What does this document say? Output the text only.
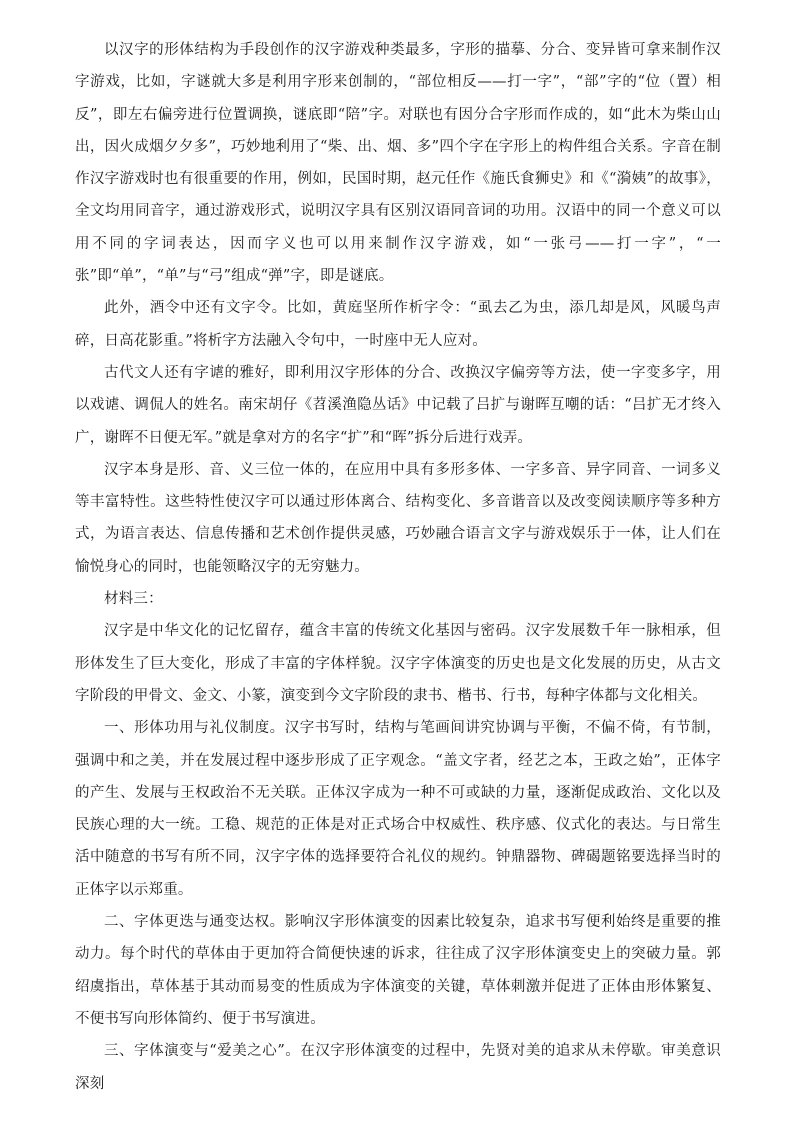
以汉字的形体结构为手段创作的汉字游戏种类最多，字形的描摹、分合、变异皆可拿来制作汉字游戏，比如，字谜就大多是利用字形来创制的，“部位相反——打一字”，“部”字的“位（置）相反”，即左右偏旁进行位置调换，谜底即“陪”字。对联也有因分合字形而作成的，如“此木为柴山山出，因火成烟夕夕多”，巧妙地利用了“柴、出、烟、多”四个字在字形上的构件组合关系。字音在制作汉字游戏时也有很重要的作用，例如，民国时期，赵元任作《施氏食狮史》和《“漪姨”的故事》，全文均用同音字，通过游戏形式，说明汉字具有区别汉语同音词的功用。汉语中的同一个意义可以用不同的字词表达，因而字义也可以用来制作汉字游戏，如“一张弓——打一字”，“一张”即“单”，“单”与“弓”组成“弹”字，即是谜底。

此外，酒令中还有文字令。比如，黄庭坚所作析字令：“虱去乙为虫，添几却是风，风暖鸟声碎，日高花影重。”将析字方法融入令句中，一时座中无人应对。

古代文人还有字谑的雅好，即利用汉字形体的分合、改换汉字偏旁等方法，使一字变多字，用以戏谑、调侃人的姓名。南宋胡仔《苕溪渔隐丛话》中记载了吕扩与谢晖互嘲的话：“吕扩无才终入广，谢晖不日便无军。”就是拿对方的名字“扩”和“晖”拆分后进行戏弄。

汉字本身是形、音、义三位一体的，在应用中具有多形多体、一字多音、异字同音、一词多义等丰富特性。这些特性使汉字可以通过形体离合、结构变化、多音谐音以及改变阅读顺序等多种方式，为语言表达、信息传播和艺术创作提供灵感，巧妙融合语言文字与游戏娱乐于一体，让人们在愉悦身心的同时，也能领略汉字的无穷魅力。

材料三：

汉字是中华文化的记忆留存，蕴含丰富的传统文化基因与密码。汉字发展数千年一脉相承，但形体发生了巨大变化，形成了丰富的字体样貌。汉字字体演变的历史也是文化发展的历史，从古文字阶段的甲骨文、金文、小篆，演变到今文字阶段的隶书、楷书、行书，每种字体都与文化相关。

一、形体功用与礼仪制度。汉字书写时，结构与笔画间讲究协调与平衡，不偏不倚，有节制，强调中和之美，并在发展过程中逐步形成了正字观念。“盖文字者，经艺之本，王政之始”，正体字的产生、发展与王权政治不无关联。正体汉字成为一种不可或缺的力量，逐渐促成政治、文化以及民族心理的大一统。工稳、规范的正体是对正式场合中权威性、秩序感、仪式化的表达。与日常生活中随意的书写有所不同，汉字字体的选择要符合礼仪的规约。钟鼎器物、碑碣题铭要选择当时的正体字以示郑重。

二、字体更迭与通变达权。影响汉字形体演变的因素比较复杂，追求书写便利始终是重要的推动力。每个时代的草体由于更加符合简便快速的诉求，往往成了汉字形体演变史上的突破力量。郭绍虞指出，草体基于其动而易变的性质成为字体演变的关键，草体刺激并促进了正体由形体繁复、不便书写向形体简约、便于书写演进。

三、字体演变与“爱美之心”。在汉字形体演变的过程中，先贤对美的追求从未停歇。审美意识深刻
